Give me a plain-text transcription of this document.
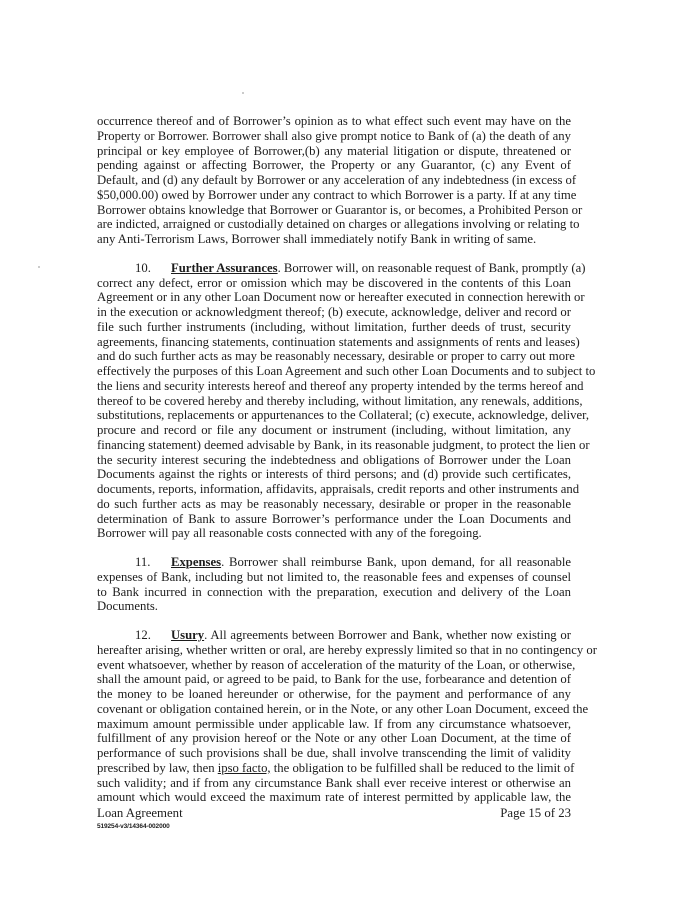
occurrence thereof and of Borrower’s opinion as to what effect such event may have on the
Property or Borrower. Borrower shall also give prompt notice to Bank of (a) the death of any
principal or key employee of Borrower,(b) any material litigation or dispute, threatened or
pending against or affecting Borrower, the Property or any Guarantor, (c) any Event of
Default, and (d) any default by Borrower or any acceleration of any indebtedness (in excess of
$50,000.00) owed by Borrower under any contract to which Borrower is a party. If at any time
Borrower obtains knowledge that Borrower or Guarantor is, or becomes, a Prohibited Person or
are indicted, arraigned or custodially detained on charges or allegations involving or relating to
any Anti-Terrorism Laws, Borrower shall immediately notify Bank in writing of same.
10. Further Assurances. Borrower will, on reasonable request of Bank, promptly (a)
correct any defect, error or omission which may be discovered in the contents of this Loan
Agreement or in any other Loan Document now or hereafter executed in connection herewith or
in the execution or acknowledgment thereof; (b) execute, acknowledge, deliver and record or
file such further instruments (including, without limitation, further deeds of trust, security
agreements, financing statements, continuation statements and assignments of rents and leases)
and do such further acts as may be reasonably necessary, desirable or proper to carry out more
effectively the purposes of this Loan Agreement and such other Loan Documents and to subject to
the liens and security interests hereof and thereof any property intended by the terms hereof and
thereof to be covered hereby and thereby including, without limitation, any renewals, additions,
substitutions, replacements or appurtenances to the Collateral; (c) execute, acknowledge, deliver,
procure and record or file any document or instrument (including, without limitation, any
financing statement) deemed advisable by Bank, in its reasonable judgment, to protect the lien or
the security interest securing the indebtedness and obligations of Borrower under the Loan
Documents against the rights or interests of third persons; and (d) provide such certificates,
documents, reports, information, affidavits, appraisals, credit reports and other instruments and
do such further acts as may be reasonably necessary, desirable or proper in the reasonable
determination of Bank to assure Borrower’s performance under the Loan Documents and
Borrower will pay all reasonable costs connected with any of the foregoing.
11. Expenses. Borrower shall reimburse Bank, upon demand, for all reasonable
expenses of Bank, including but not limited to, the reasonable fees and expenses of counsel
to Bank incurred in connection with the preparation, execution and delivery of the Loan
Documents.
12. Usury. All agreements between Borrower and Bank, whether now existing or
hereafter arising, whether written or oral, are hereby expressly limited so that in no contingency or
event whatsoever, whether by reason of acceleration of the maturity of the Loan, or otherwise,
shall the amount paid, or agreed to be paid, to Bank for the use, forbearance and detention of
the money to be loaned hereunder or otherwise, for the payment and performance of any
covenant or obligation contained herein, or in the Note, or any other Loan Document, exceed the
maximum amount permissible under applicable law. If from any circumstance whatsoever,
fulfillment of any provision hereof or the Note or any other Loan Document, at the time of
performance of such provisions shall be due, shall involve transcending the limit of validity
prescribed by law, then ipso facto, the obligation to be fulfilled shall be reduced to the limit of
such validity; and if from any circumstance Bank shall ever receive interest or otherwise an
amount which would exceed the maximum rate of interest permitted by applicable law, the
Loan Agreement	Page 15 of 23
519254-v3/14364-002000
